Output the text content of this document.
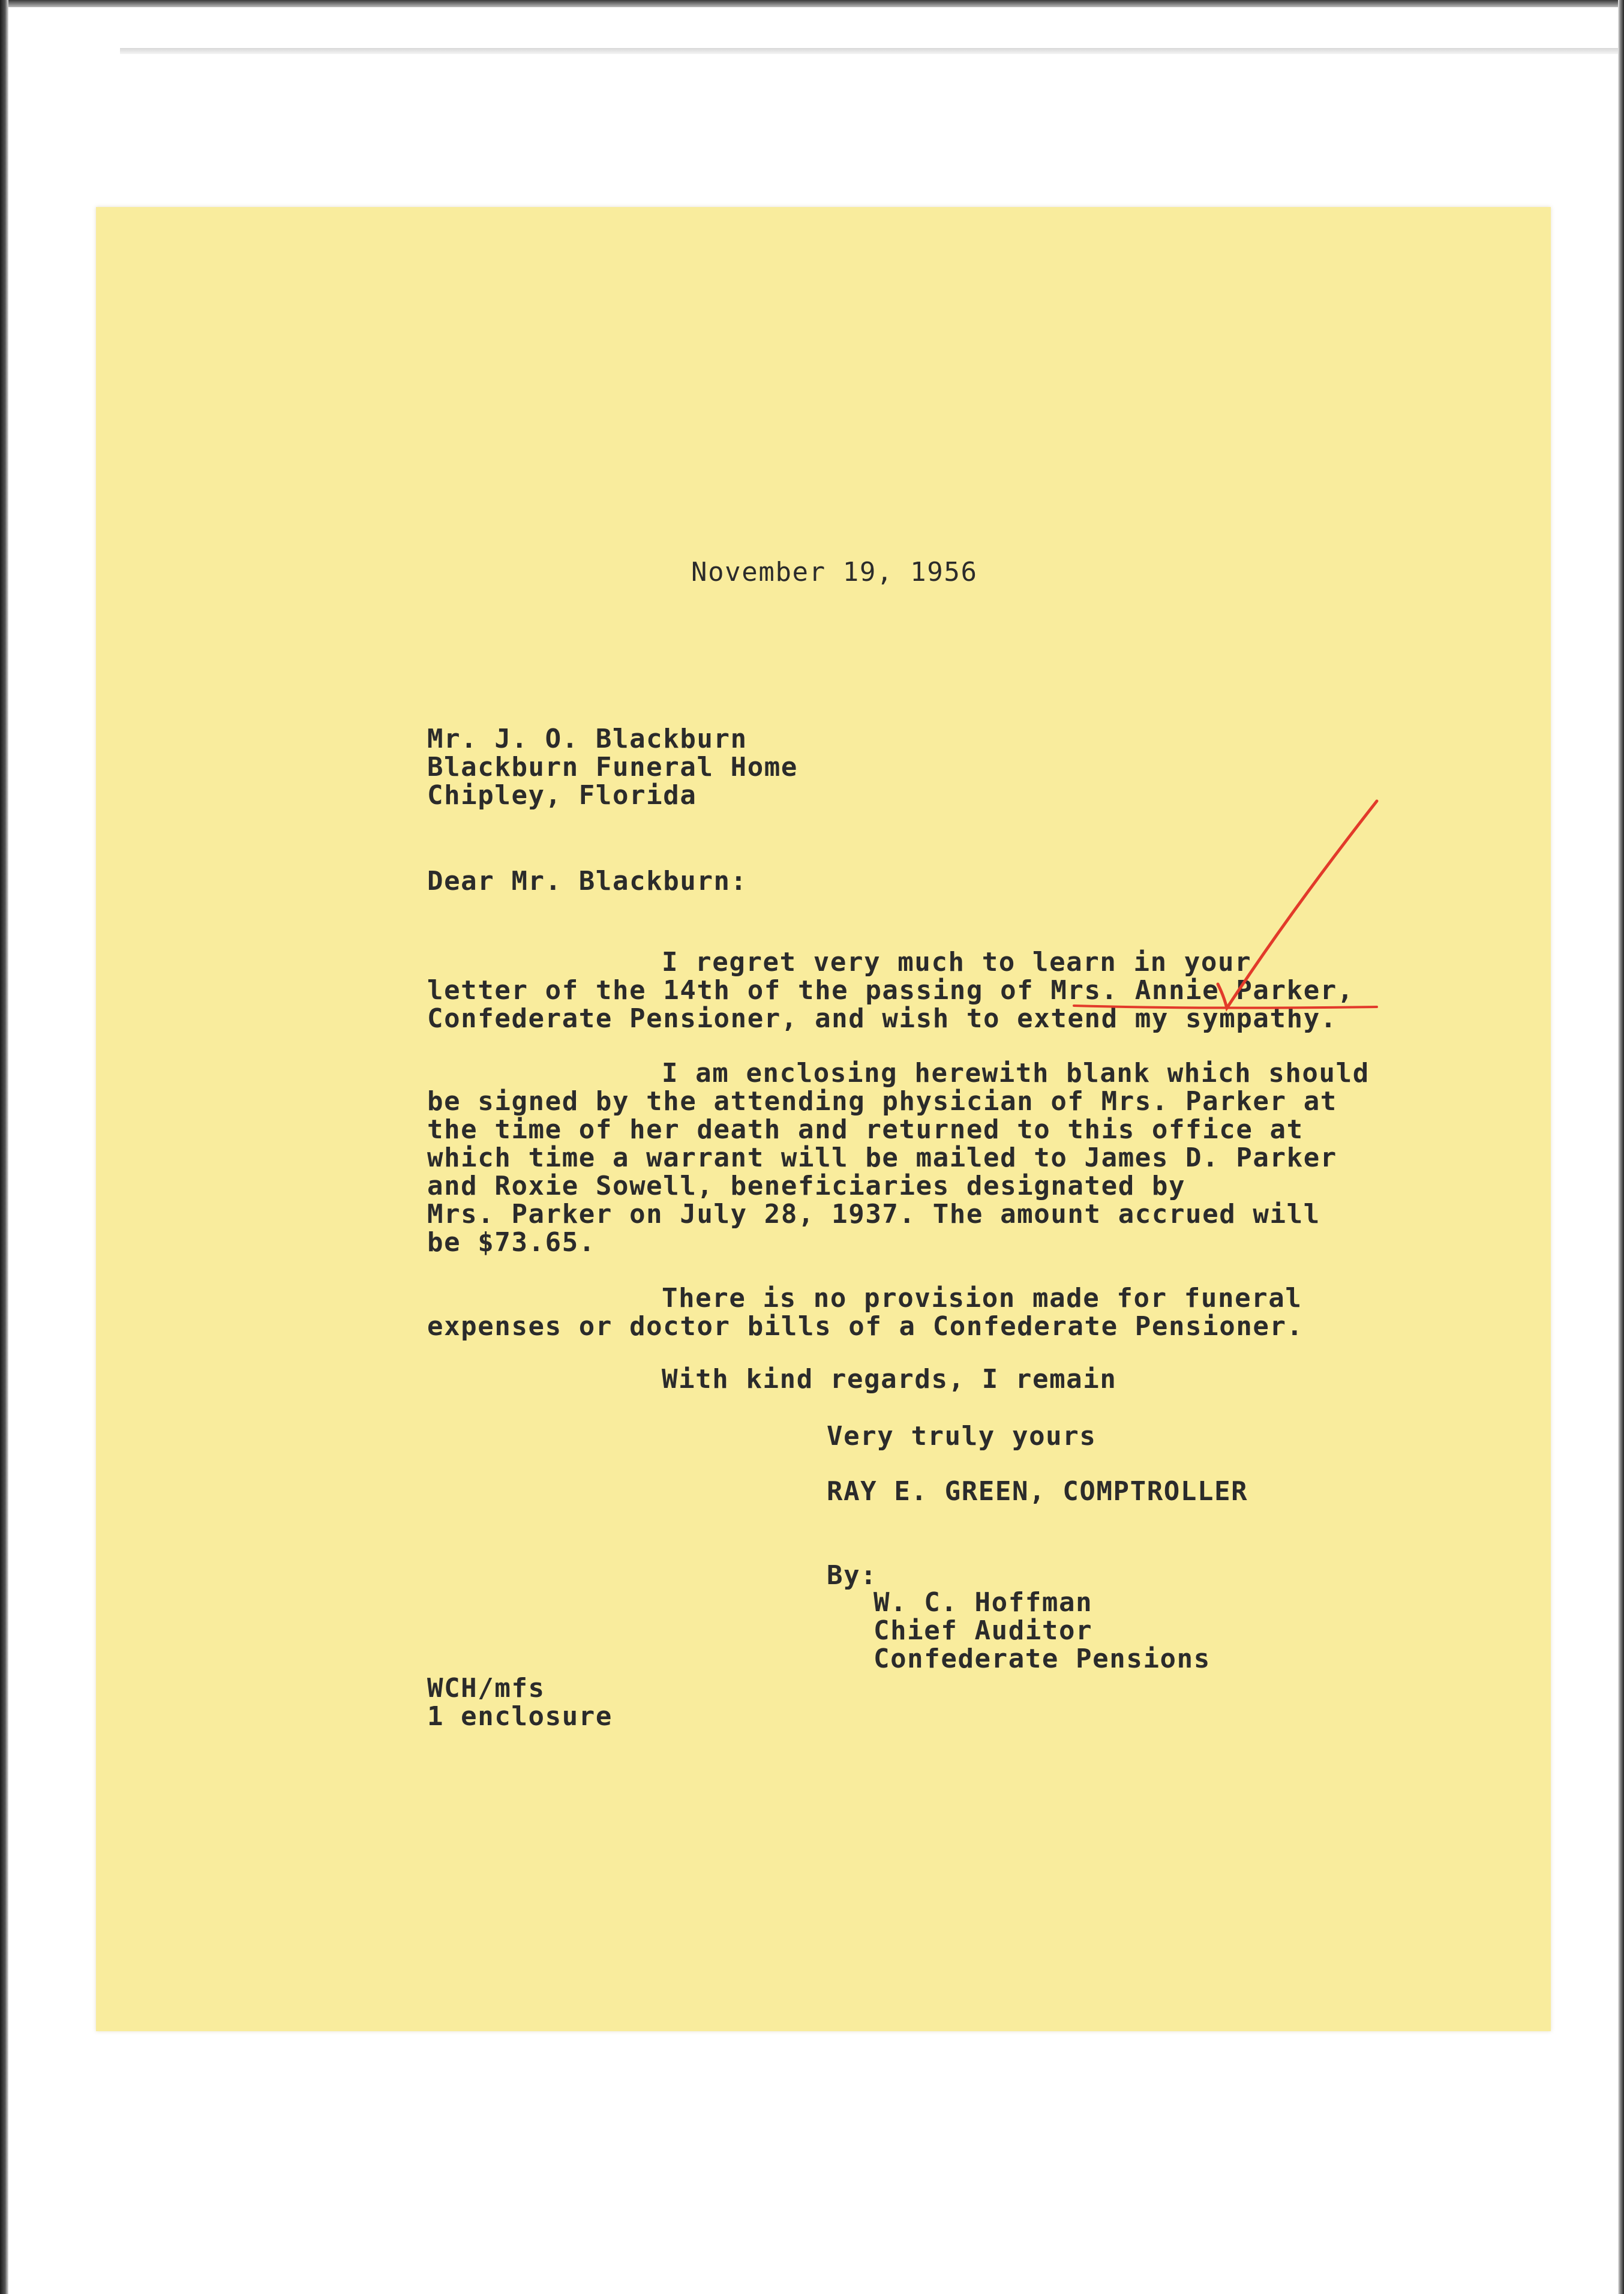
November 19, 1956
Mr. J. O. Blackburn
Blackburn Funeral Home
Chipley, Florida
Dear Mr. Blackburn:
I regret very much to learn in your
letter of the 14th of the passing of Mrs. Annie Parker,
Confederate Pensioner, and wish to extend my sympathy.
I am enclosing herewith blank which should
be signed by the attending physician of Mrs. Parker at
the time of her death and returned to this office at
which time a warrant will be mailed to James D. Parker
and Roxie Sowell, beneficiaries designated by
Mrs. Parker on July 28, 1937. The amount accrued will
be $73.65.
There is no provision made for funeral
expenses or doctor bills of a Confederate Pensioner.
With kind regards, I remain
Very truly yours
RAY E. GREEN, COMPTROLLER
By:
W. C. Hoffman
Chief Auditor
Confederate Pensions
WCH/mfs
1 enclosure
